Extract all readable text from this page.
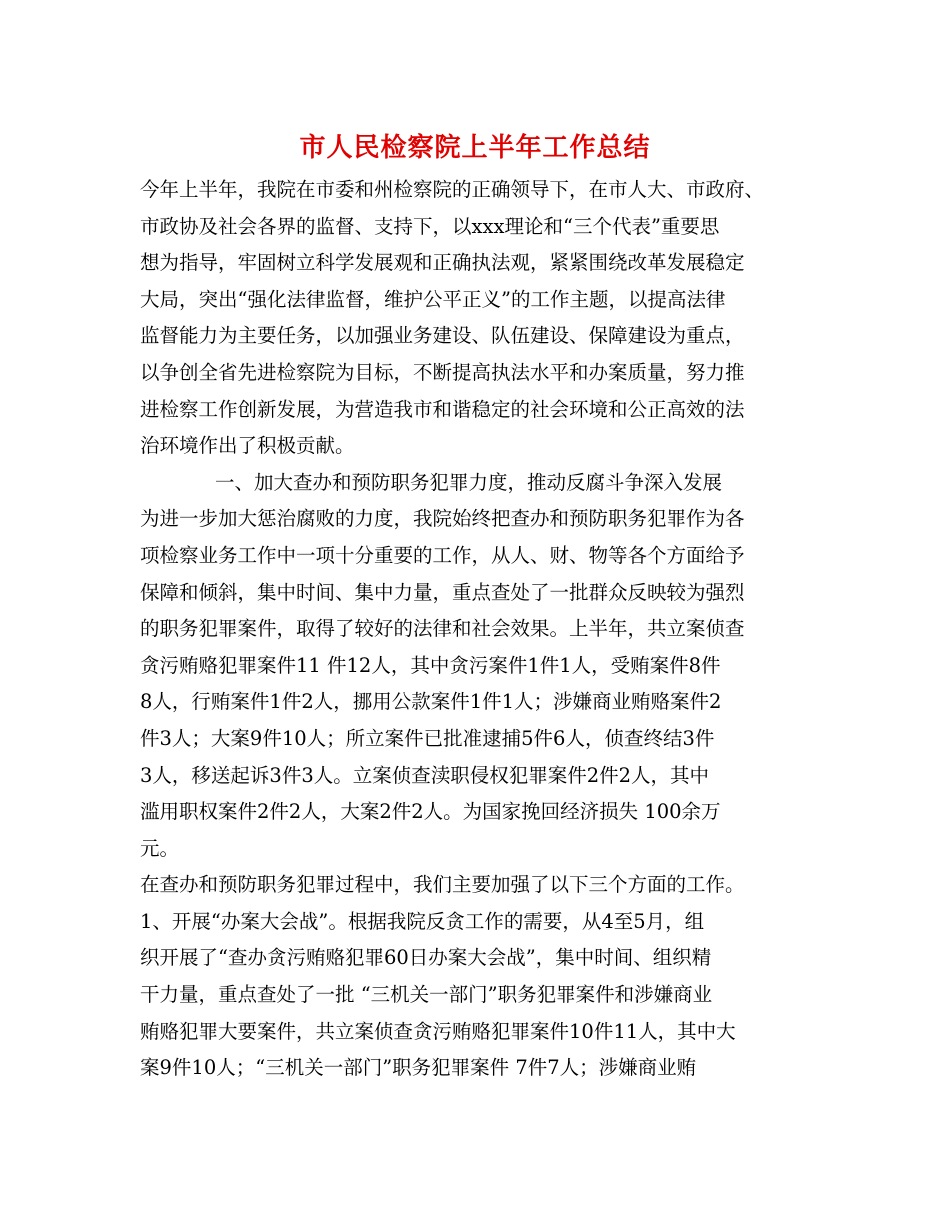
市人民检察院上半年工作总结
今年上半年，我院在市委和州检察院的正确领导下，在市人大、市政府、
市政协及社会各界的监督、支持下，以xxx理论和“三个代表”重要思
想为指导，牢固树立科学发展观和正确执法观，紧紧围绕改革发展稳定
大局，突出“强化法律监督，维护公平正义”的工作主题，以提高法律
监督能力为主要任务，以加强业务建设、队伍建设、保障建设为重点，
以争创全省先进检察院为目标，不断提高执法水平和办案质量，努力推
进检察工作创新发展，为营造我市和谐稳定的社会环境和公正高效的法
治环境作出了积极贡献。
一、加大查办和预防职务犯罪力度，推动反腐斗争深入发展
为进一步加大惩治腐败的力度，我院始终把查办和预防职务犯罪作为各
项检察业务工作中一项十分重要的工作，从人、财、物等各个方面给予
保障和倾斜，集中时间、集中力量，重点查处了一批群众反映较为强烈
的职务犯罪案件，取得了较好的法律和社会效果。上半年，共立案侦查
贪污贿赂犯罪案件11 件12人，其中贪污案件1件1人，受贿案件8件
8人，行贿案件1件2人，挪用公款案件1件1人；涉嫌商业贿赂案件2
件3人；大案9件10人；所立案件已批准逮捕5件6人，侦查终结3件
3人，移送起诉3件3人。立案侦查渎职侵权犯罪案件2件2人，其中
滥用职权案件2件2人，大案2件2人。为国家挽回经济损失 100余万
元。
在查办和预防职务犯罪过程中，我们主要加强了以下三个方面的工作。
1、开展“办案大会战”。根据我院反贪工作的需要，从4至5月，组
织开展了“查办贪污贿赂犯罪60日办案大会战”，集中时间、组织精
干力量，重点查处了一批 “三机关一部门”职务犯罪案件和涉嫌商业
贿赂犯罪大要案件，共立案侦查贪污贿赂犯罪案件10件11人，其中大
案9件10人；“三机关一部门”职务犯罪案件 7件7人；涉嫌商业贿
